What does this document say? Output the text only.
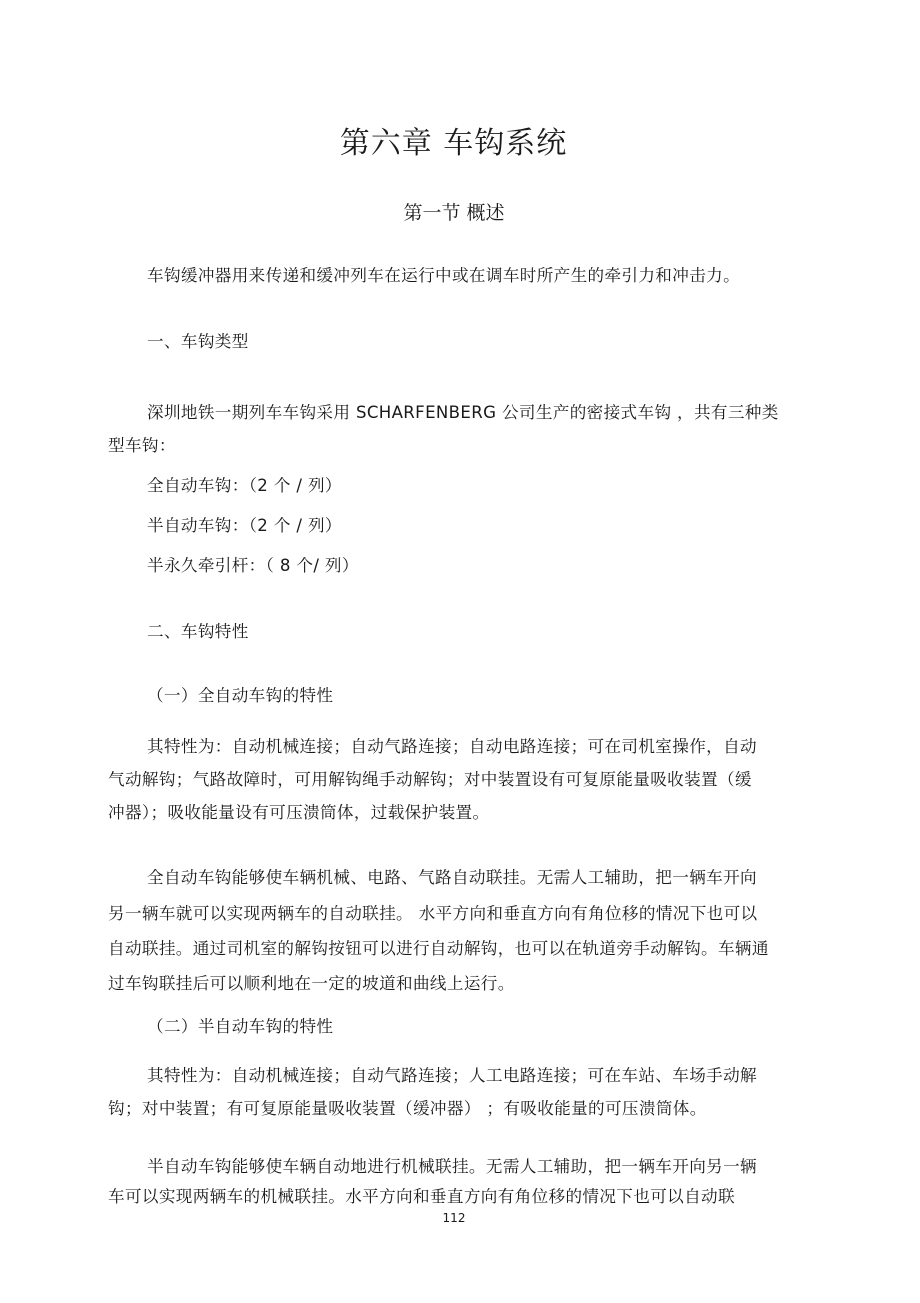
第六章 车钩系统
第一节 概述
车钩缓冲器用来传递和缓冲列车在运行中或在调车时所产生的牵引力和冲击力。
一、车钩类型
深圳地铁一期列车车钩采用 SCHARFENBERG 公司生产的密接式车钩 ，共有三种类
型车钩：
全自动车钩：（2 个 / 列）
半自动车钩：（2 个 / 列）
半永久牵引杆：（ 8 个/ 列）
二、车钩特性
（一）全自动车钩的特性
其特性为：自动机械连接；自动气路连接；自动电路连接；可在司机室操作，自动
气动解钩；气路故障时，可用解钩绳手动解钩；对中装置设有可复原能量吸收装置（缓
冲器）；吸收能量设有可压溃筒体，过载保护装置。
全自动车钩能够使车辆机械、电路、气路自动联挂。无需人工辅助，把一辆车开向
另一辆车就可以实现两辆车的自动联挂。 水平方向和垂直方向有角位移的情况下也可以
自动联挂。通过司机室的解钩按钮可以进行自动解钩，也可以在轨道旁手动解钩。车辆通
过车钩联挂后可以顺利地在一定的坡道和曲线上运行。
（二）半自动车钩的特性
其特性为：自动机械连接；自动气路连接；人工电路连接；可在车站、车场手动解
钩；对中装置；有可复原能量吸收装置（缓冲器） ；有吸收能量的可压溃筒体。
半自动车钩能够使车辆自动地进行机械联挂。无需人工辅助，把一辆车开向另一辆
车可以实现两辆车的机械联挂。水平方向和垂直方向有角位移的情况下也可以自动联
112
